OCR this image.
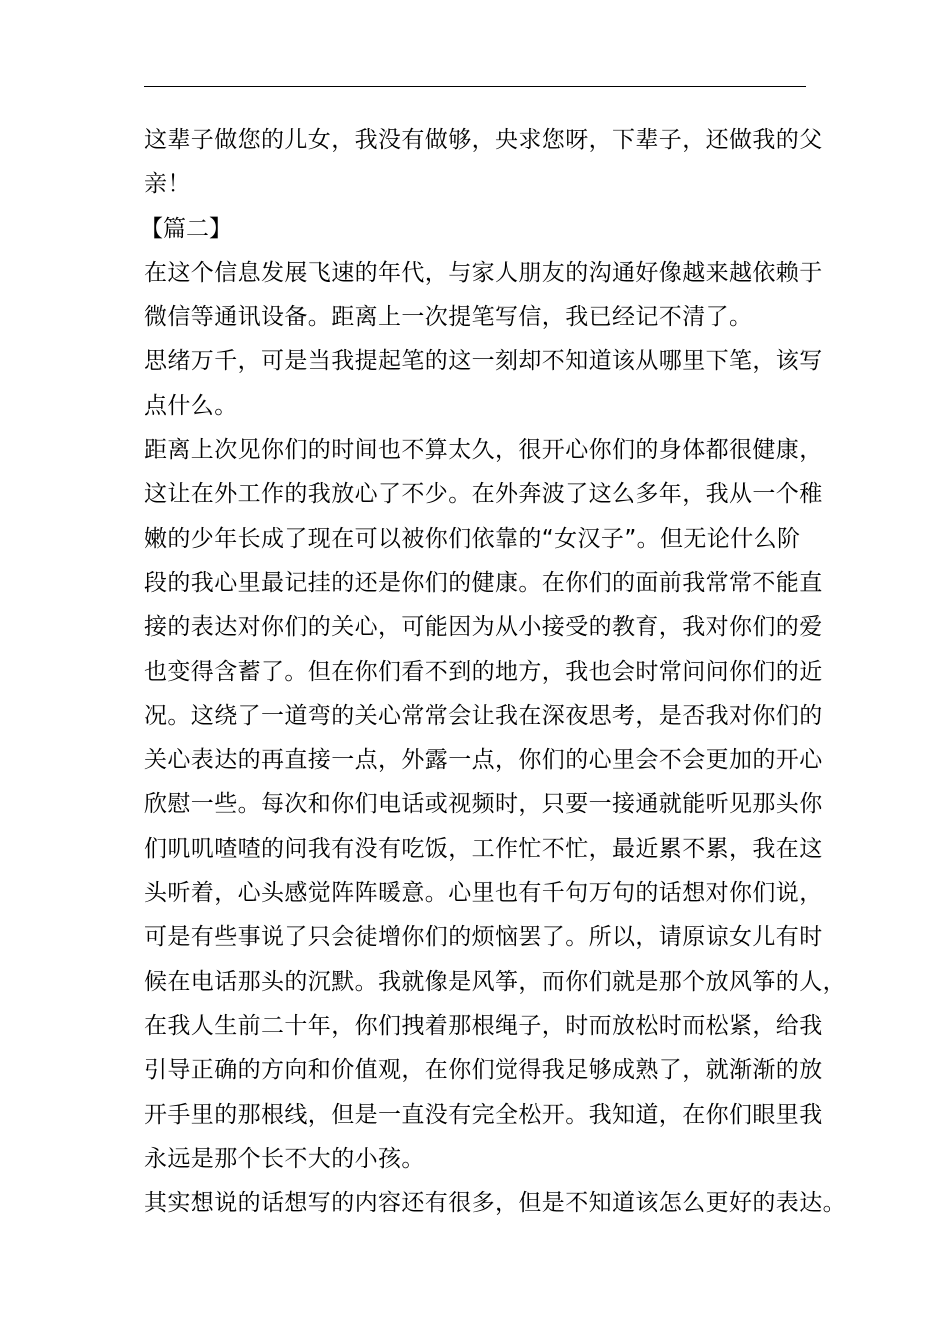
这辈子做您的儿女，我没有做够，央求您呀，下辈子，还做我的父
亲！

【篇二】

在这个信息发展飞速的年代，与家人朋友的沟通好像越来越依赖于
微信等通讯设备。距离上一次提笔写信，我已经记不清了。

思绪万千，可是当我提起笔的这一刻却不知道该从哪里下笔，该写
点什么。

距离上次见你们的时间也不算太久，很开心你们的身体都很健康，
这让在外工作的我放心了不少。在外奔波了这么多年，我从一个稚
嫩的少年长成了现在可以被你们依靠的“女汉子”。但无论什么阶
段的我心里最记挂的还是你们的健康。在你们的面前我常常不能直
接的表达对你们的关心，可能因为从小接受的教育，我对你们的爱
也变得含蓄了。但在你们看不到的地方，我也会时常问问你们的近
况。这绕了一道弯的关心常常会让我在深夜思考，是否我对你们的
关心表达的再直接一点，外露一点，你们的心里会不会更加的开心
欣慰一些。每次和你们电话或视频时，只要一接通就能听见那头你
们叽叽喳喳的问我有没有吃饭，工作忙不忙，最近累不累，我在这
头听着，心头感觉阵阵暖意。心里也有千句万句的话想对你们说，
可是有些事说了只会徒增你们的烦恼罢了。所以，请原谅女儿有时
候在电话那头的沉默。我就像是风筝，而你们就是那个放风筝的人，
在我人生前二十年，你们拽着那根绳子，时而放松时而松紧，给我
引导正确的方向和价值观，在你们觉得我足够成熟了，就渐渐的放
开手里的那根线，但是一直没有完全松开。我知道，在你们眼里我
永远是那个长不大的小孩。

其实想说的话想写的内容还有很多，但是不知道该怎么更好的表达。
